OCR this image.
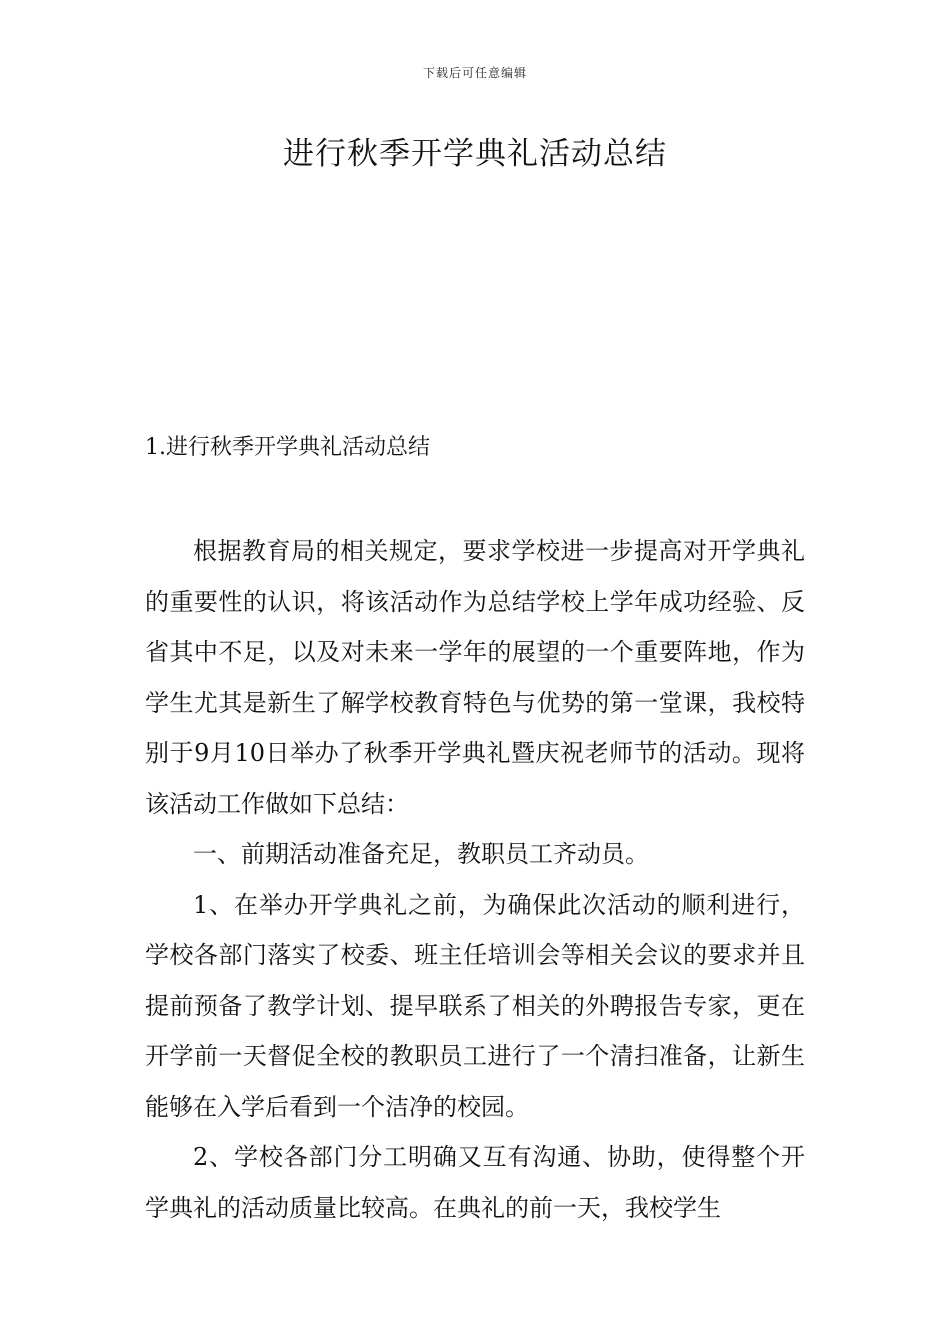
下载后可任意编辑
进行秋季开学典礼活动总结
1.进行秋季开学典礼活动总结

根据教育局的相关规定，要求学校进一步提高对开学典礼的重要性的认识，将该活动作为总结学校上学年成功经验、反省其中不足，以及对未来一学年的展望的一个重要阵地，作为学生尤其是新生了解学校教育特色与优势的第一堂课，我校特别于9月10日举办了秋季开学典礼暨庆祝老师节的活动。现将该活动工作做如下总结：

一、前期活动准备充足，教职员工齐动员。

1、在举办开学典礼之前，为确保此次活动的顺利进行，学校各部门落实了校委、班主任培训会等相关会议的要求并且提前预备了教学计划、提早联系了相关的外聘报告专家，更在开学前一天督促全校的教职员工进行了一个清扫准备，让新生能够在入学后看到一个洁净的校园。

2、学校各部门分工明确又互有沟通、协助，使得整个开学典礼的活动质量比较高。在典礼的前一天，我校学生
